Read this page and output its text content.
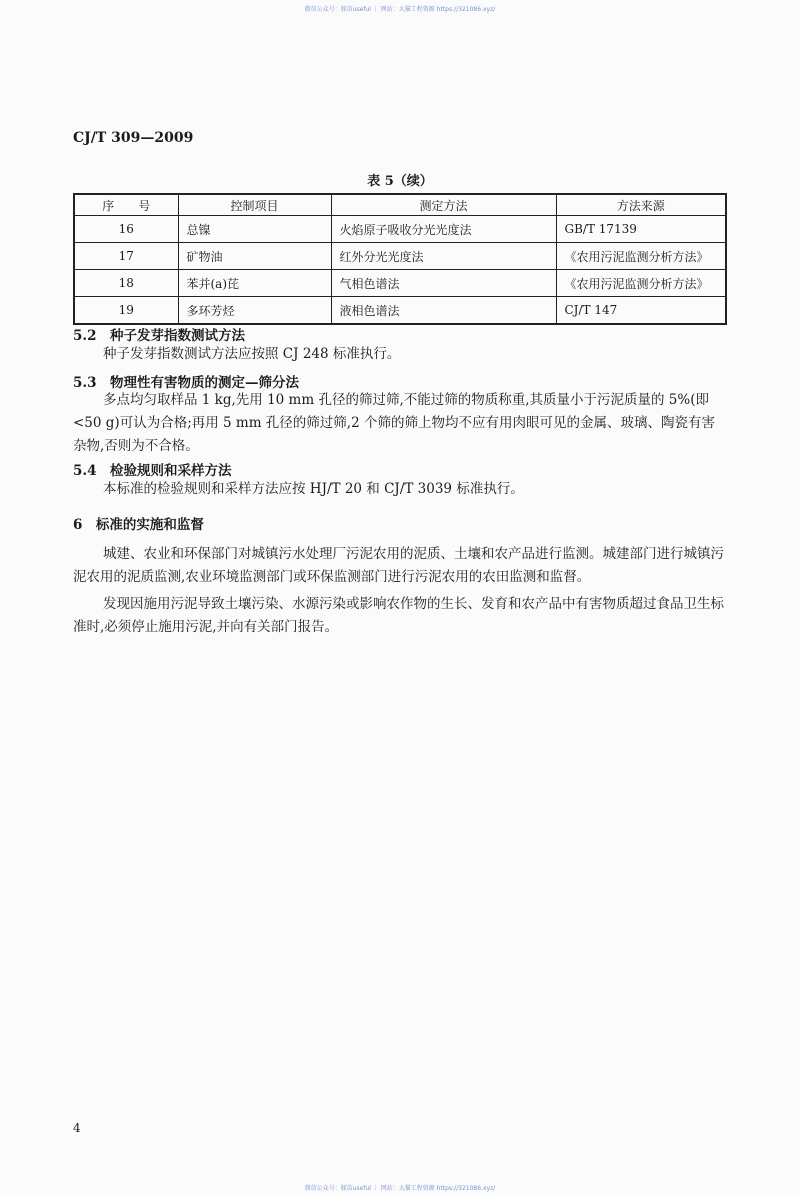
微信公众号：豚苗useful ｜ 网站：大猫工程资源 https://321086.xyz/
CJ/T 309—2009
表 5（续）
序　　号	控制项目	测定方法	方法来源
16	总镍	火焰原子吸收分光光度法	GB/T 17139
17	矿物油	红外分光光度法	《农用污泥监测分析方法》
18	苯并(a)芘	气相色谱法	《农用污泥监测分析方法》
19	多环芳烃	液相色谱法	CJ/T 147
5.2　种子发芽指数测试方法
种子发芽指数测试方法应按照 CJ 248 标准执行。
5.3　物理性有害物质的测定—筛分法
多点均匀取样品 1 kg,先用 10 mm 孔径的筛过筛,不能过筛的物质称重,其质量小于污泥质量的 5%(即<50 g)可认为合格;再用 5 mm 孔径的筛过筛,2 个筛的筛上物均不应有用肉眼可见的金属、玻璃、陶瓷有害杂物,否则为不合格。
5.4　检验规则和采样方法
本标准的检验规则和采样方法应按 HJ/T 20 和 CJ/T 3039 标准执行。
6　标准的实施和监督
城建、农业和环保部门对城镇污水处理厂污泥农用的泥质、土壤和农产品进行监测。城建部门进行城镇污泥农用的泥质监测,农业环境监测部门或环保监测部门进行污泥农用的农田监测和监督。
发现因施用污泥导致土壤污染、水源污染或影响农作物的生长、发育和农产品中有害物质超过食品卫生标准时,必须停止施用污泥,并向有关部门报告。
4
微信公众号：豚苗useful ｜ 网站：大猫工程资源 https://321086.xyz/
